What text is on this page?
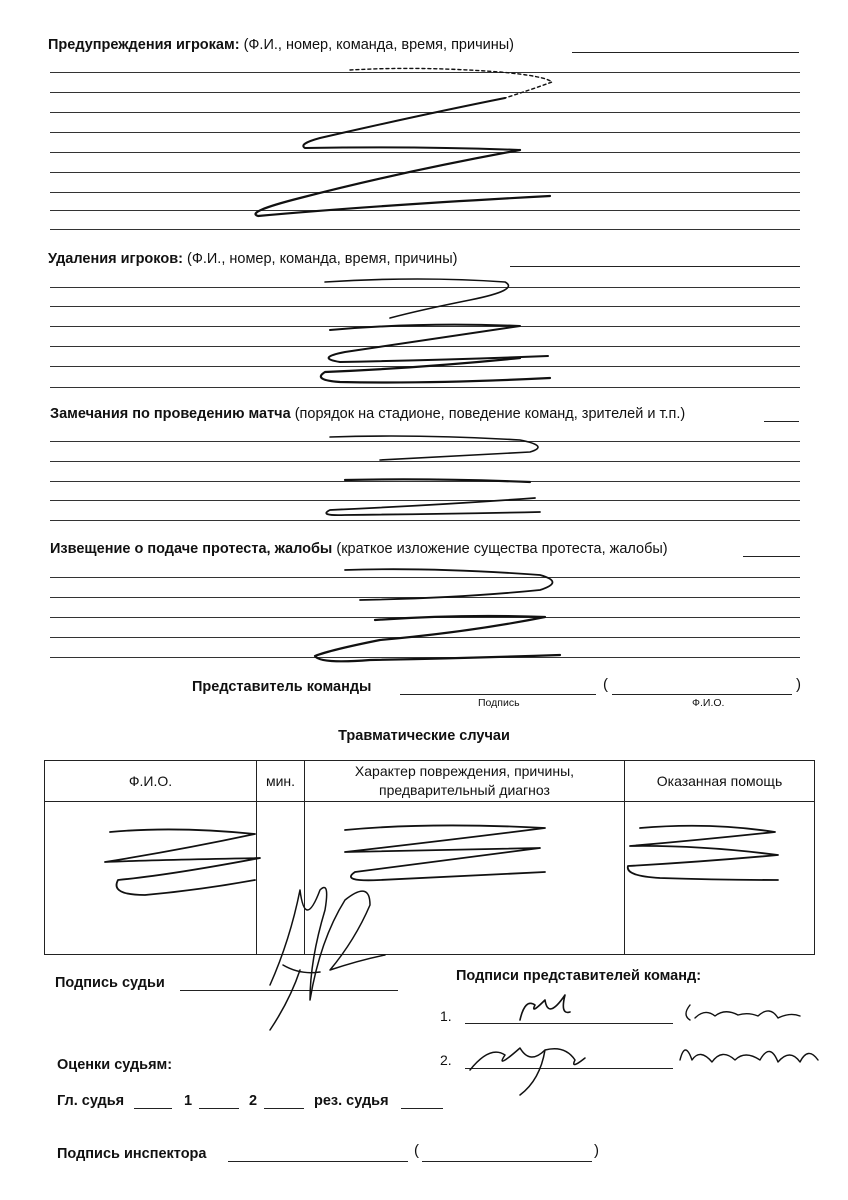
Предупреждения игрокам: (Ф.И., номер, команда, время, причины)
Удаления игроков: (Ф.И., номер, команда, время, причины)
Замечания по проведению матча (порядок на стадионе, поведение команд, зрителей и т.п.)
Извещение о подаче протеста, жалобы (краткое изложение существа протеста, жалобы)
Представитель команды	(	)
Подпись	Ф.И.О.
Травматические случаи
Ф.И.О.	мин.	Характер повреждения, причины, предварительный диагноз	Оказанная помощь

Подпись судьи	Подписи представителей команд:
1.
2.
Оценки судьям:
Гл. судья	1	2	рез. судья
Подпись инспектора	(	)
